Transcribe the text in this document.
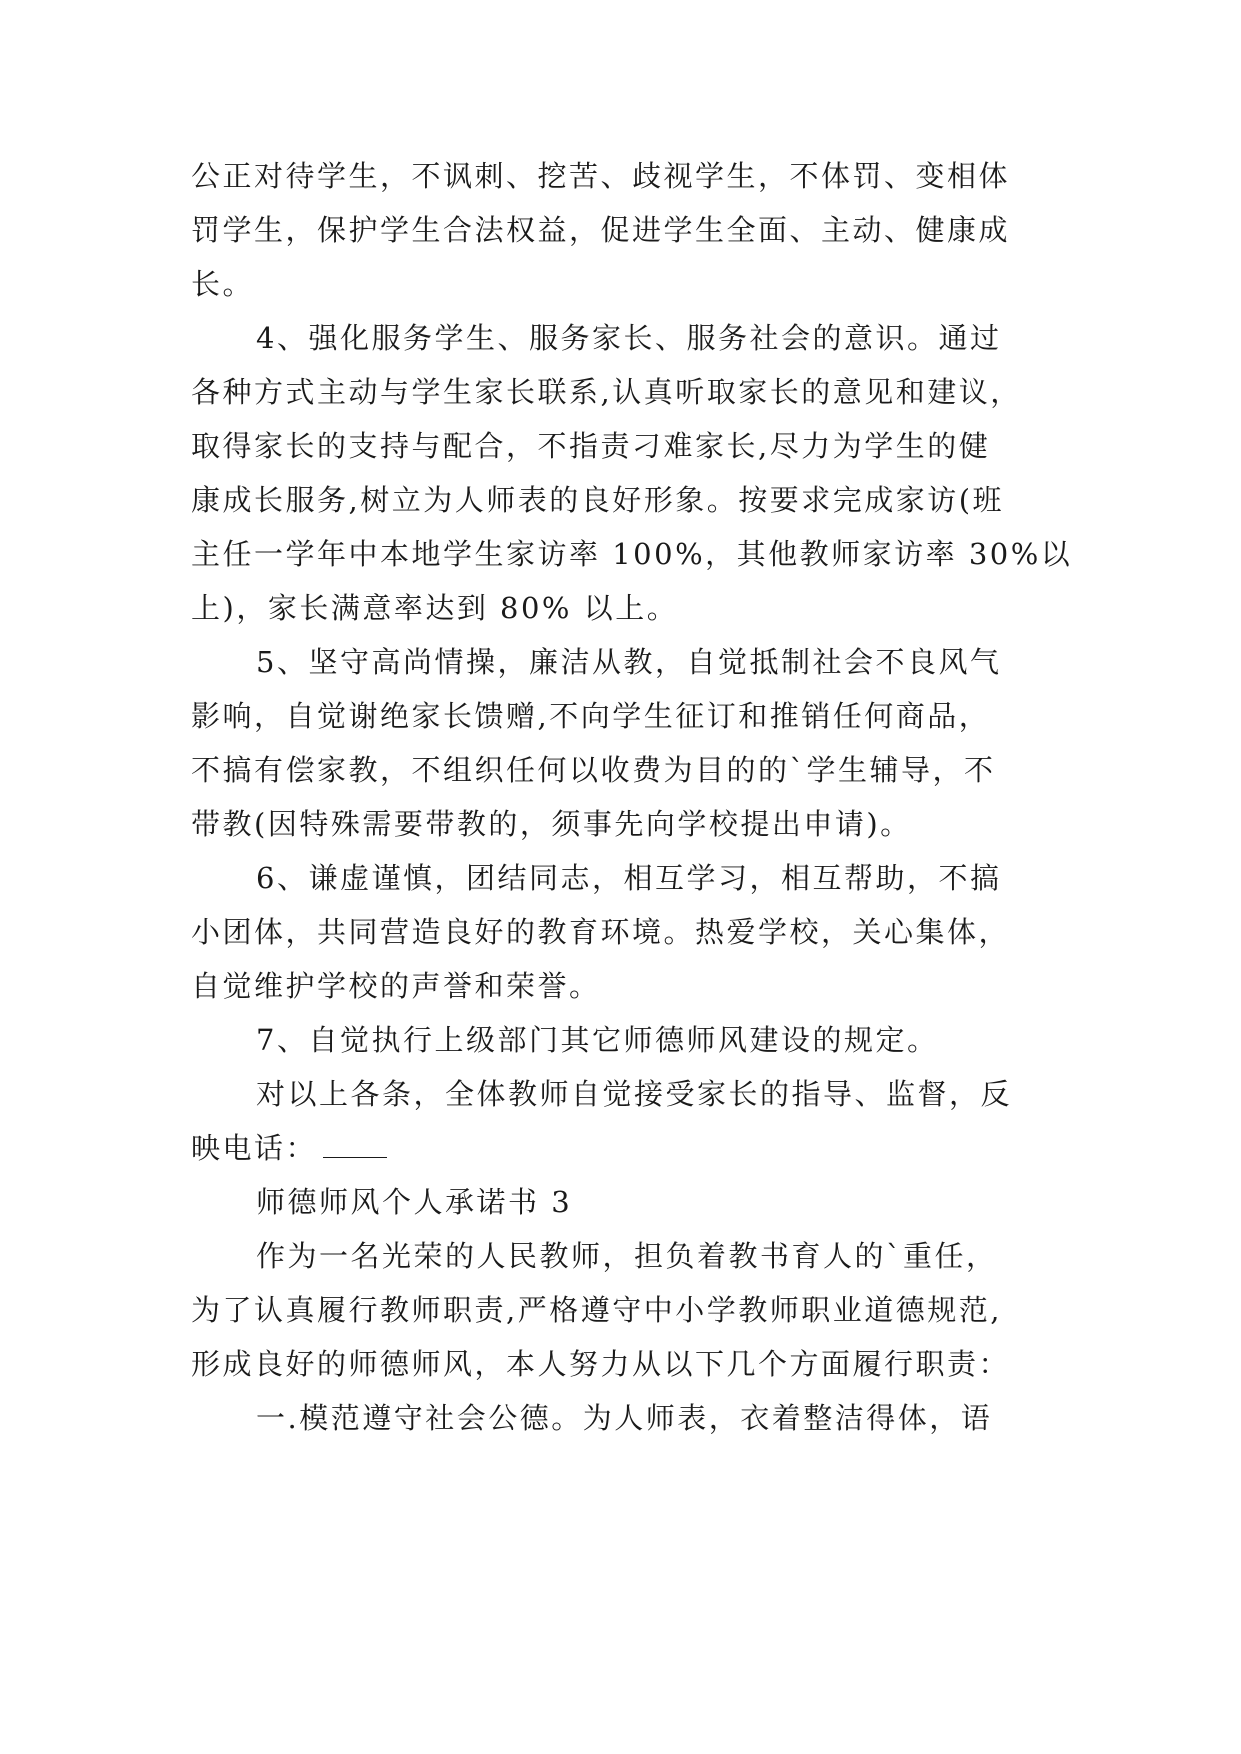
公正对待学生，不讽刺、挖苦、歧视学生，不体罚、变相体
罚学生，保护学生合法权益，促进学生全面、主动、健康成
长。
4、强化服务学生、服务家长、服务社会的意识。通过
各种方式主动与学生家长联系,认真听取家长的意见和建议，
取得家长的支持与配合，不指责刁难家长,尽力为学生的健
康成长服务,树立为人师表的良好形象。按要求完成家访(班
主任一学年中本地学生家访率 100%，其他教师家访率 30%以
上)，家长满意率达到 80% 以上。
5、坚守高尚情操，廉洁从教，自觉抵制社会不良风气
影响，自觉谢绝家长馈赠,不向学生征订和推销任何商品，
不搞有偿家教，不组织任何以收费为目的的`学生辅导，不
带教(因特殊需要带教的，须事先向学校提出申请)。
6、谦虚谨慎，团结同志，相互学习，相互帮助，不搞
小团体，共同营造良好的教育环境。热爱学校，关心集体，
自觉维护学校的声誉和荣誉。
7、自觉执行上级部门其它师德师风建设的规定。
对以上各条，全体教师自觉接受家长的指导、监督，反
映电话：
师德师风个人承诺书 3
作为一名光荣的人民教师，担负着教书育人的`重任，
为了认真履行教师职责,严格遵守中小学教师职业道德规范,
形成良好的师德师风，本人努力从以下几个方面履行职责：
一.模范遵守社会公德。为人师表，衣着整洁得体，语
